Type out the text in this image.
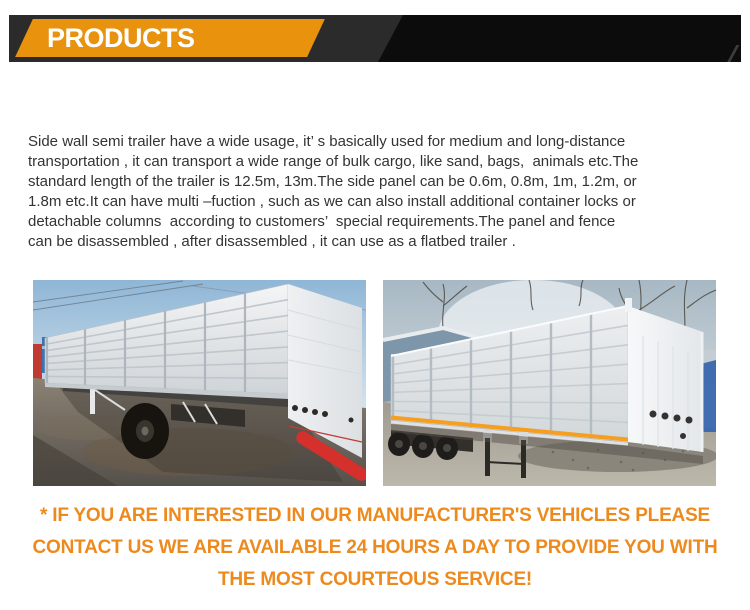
PRODUCTS

Side wall semi trailer have a wide usage, it’ s basically used for medium and long-distance
transportation , it can transport a wide range of bulk cargo, like sand, bags,  animals etc.The
standard length of the trailer is 12.5m, 13m.The side panel can be 0.6m, 0.8m, 1m, 1.2m, or
1.8m etc.It can have multi –fuction , such as we can also install additional container locks or
detachable columns  according to customers’  special requirements.The panel and fence
can be disassembled , after disassembled , it can use as a flatbed trailer .

* IF YOU ARE INTERESTED IN OUR MANUFACTURER'S VEHICLES PLEASE
CONTACT US WE ARE AVAILABLE 24 HOURS A DAY TO PROVIDE YOU WITH
THE MOST COURTEOUS SERVICE!
